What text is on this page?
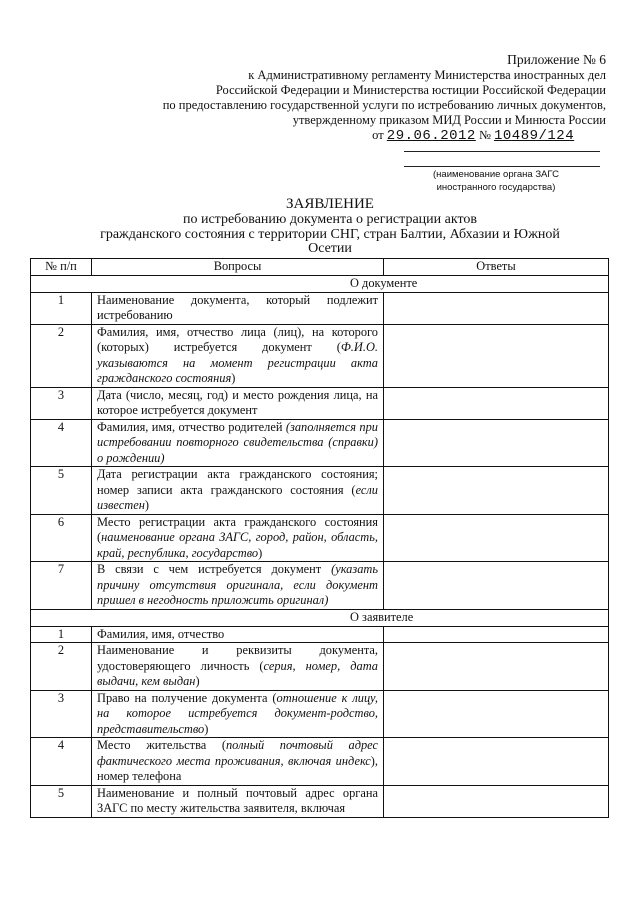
Приложение № 6
к Административному регламенту Министерства иностранных дел
Российской Федерации и Министерства юстиции Российской Федерации
по предоставлению государственной услуги по истребованию личных документов,
утвержденному приказом МИД России и Минюста России
от 29.06.2012 № 10489/124
(наименование органа ЗАГС
иностранного государства)
ЗАЯВЛЕНИЕ
по истребованию документа о регистрации актов
гражданского состояния с территории СНГ, стран Балтии, Абхазии и Южной
Осетии
№ п/п	Вопросы	Ответы
	О документе	
1	Наименование документа, который подлежит истребованию	
2	Фамилия, имя, отчество лица (лиц), на которого (которых) истребуется документ (Ф.И.О. указываются на момент регистрации акта гражданского состояния)	
3	Дата (число, месяц, год) и место рождения лица, на которое истребуется документ	
4	Фамилия, имя, отчество родителей (заполняется при истребовании повторного свидетельства (справки) о рождении)	
5	Дата регистрации акта гражданского состояния; номер записи акта гражданского состояния (если известен)	
6	Место регистрации акта гражданского состояния (наименование органа ЗАГС, город, район, область, край, республика, государство)	
7	В связи с чем истребуется документ (указать причину отсутствия оригинала, если документ пришел в негодность приложить оригинал)	
	О заявителе	
1	Фамилия, имя, отчество	
2	Наименование и реквизиты документа, удостоверяющего личность (серия, номер, дата выдачи, кем выдан)	
3	Право на получение документа (отношение к лицу, на которое истребуется документ-родство, представительство)	
4	Место жительства (полный почтовый адрес фактического места проживания, включая индекс), номер телефона	
5	Наименование и полный почтовый адрес органа ЗАГС по месту жительства заявителя, включая	
